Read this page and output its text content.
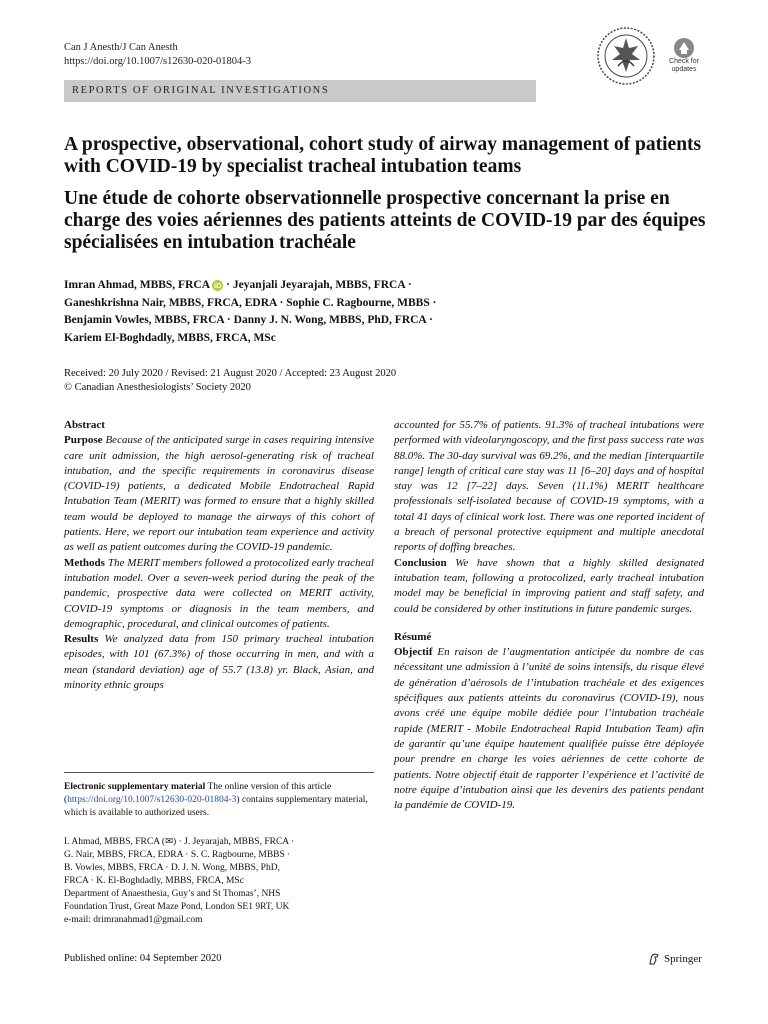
Can J Anesth/J Can Anesth
https://doi.org/10.1007/s12630-020-01804-3	Check for
updates
REPORTS OF ORIGINAL INVESTIGATIONS
A prospective, observational, cohort study of airway management of patients with COVID-19 by specialist tracheal intubation teams
Une étude de cohorte observationnelle prospective concernant la prise en charge des voies aériennes des patients atteints de COVID-19 par des équipes spécialisées en intubation trachéale
Imran Ahmad, MBBS, FRCA iD · Jeyanjali Jeyarajah, MBBS, FRCA ·
Ganeshkrishna Nair, MBBS, FRCA, EDRA · Sophie C. Ragbourne, MBBS ·
Benjamin Vowles, MBBS, FRCA · Danny J. N. Wong, MBBS, PhD, FRCA ·
Kariem El-Boghdadly, MBBS, FRCA, MSc
Received: 20 July 2020 / Revised: 21 August 2020 / Accepted: 23 August 2020
© Canadian Anesthesiologists’ Society 2020

Abstract

Purpose Because of the anticipated surge in cases requiring intensive care unit admission, the high aerosol-generating risk of tracheal intubation, and the specific requirements in coronavirus disease (COVID-19) patients, a dedicated Mobile Endotracheal Rapid Intubation Team (MERIT) was formed to ensure that a highly skilled team would be deployed to manage the airways of this cohort of patients. Here, we report our intubation team experience and activity as well as patient outcomes during the COVID-19 pandemic.

Methods The MERIT members followed a protocolized early tracheal intubation model. Over a seven-week period during the peak of the pandemic, prospective data were collected on MERIT activity, COVID-19 symptoms or diagnosis in the team members, and demographic, procedural, and clinical outcomes of patients.

Results We analyzed data from 150 primary tracheal intubation episodes, with 101 (67.3%) of those occurring in men, and with a mean (standard deviation) age of 55.7 (13.8) yr. Black, Asian, and minority ethnic groups

Electronic supplementary material The online version of this article (https://doi.org/10.1007/s12630-020-01804-3) contains supplementary material, which is available to authorized users.
I. Ahmad, MBBS, FRCA (✉) · J. Jeyarajah, MBBS, FRCA ·
G. Nair, MBBS, FRCA, EDRA · S. C. Ragbourne, MBBS ·
B. Vowles, MBBS, FRCA · D. J. N. Wong, MBBS, PhD,
FRCA · K. El-Boghdadly, MBBS, FRCA, MSc
Department of Anaesthesia, Guy’s and St Thomas’, NHS
Foundation Trust, Great Maze Pond, London SE1 9RT, UK
e-mail: drimranahmad1@gmail.com

accounted for 55.7% of patients. 91.3% of tracheal intubations were performed with videolaryngoscopy, and the first pass success rate was 88.0%. The 30-day survival was 69.2%, and the median [interquartile range] length of critical care stay was 11 [6–20] days and of hospital stay was 12 [7–22] days. Seven (11.1%) MERIT healthcare professionals self-isolated because of COVID-19 symptoms, with a total 41 days of clinical work lost. There was one reported incident of a breach of personal protective equipment and multiple anecdotal reports of doffing breaches.

Conclusion We have shown that a highly skilled designated intubation team, following a protocolized, early tracheal intubation model may be beneficial in improving patient and staff safety, and could be considered by other institutions in future pandemic surges.

Résumé

Objectif En raison de l’augmentation anticipée du nombre de cas nécessitant une admission à l’unité de soins intensifs, du risque élevé de génération d’aérosols de l’intubation trachéale et des exigences spécifiques aux patients atteints du coronavirus (COVID-19), nous avons créé une équipe mobile dédiée pour l’intubation trachéale rapide (MERIT - Mobile Endotracheal Rapid Intubation Team) afin de garantir qu’une équipe hautement qualifiée puisse être déployée pour prendre en charge les voies aériennes de cette cohorte de patients. Notre objectif était de rapporter l’expérience et l’activité de notre équipe d’intubation ainsi que les devenirs des patients pendant la pandémie de COVID-19.

Published online: 04 September 2020	Springer
